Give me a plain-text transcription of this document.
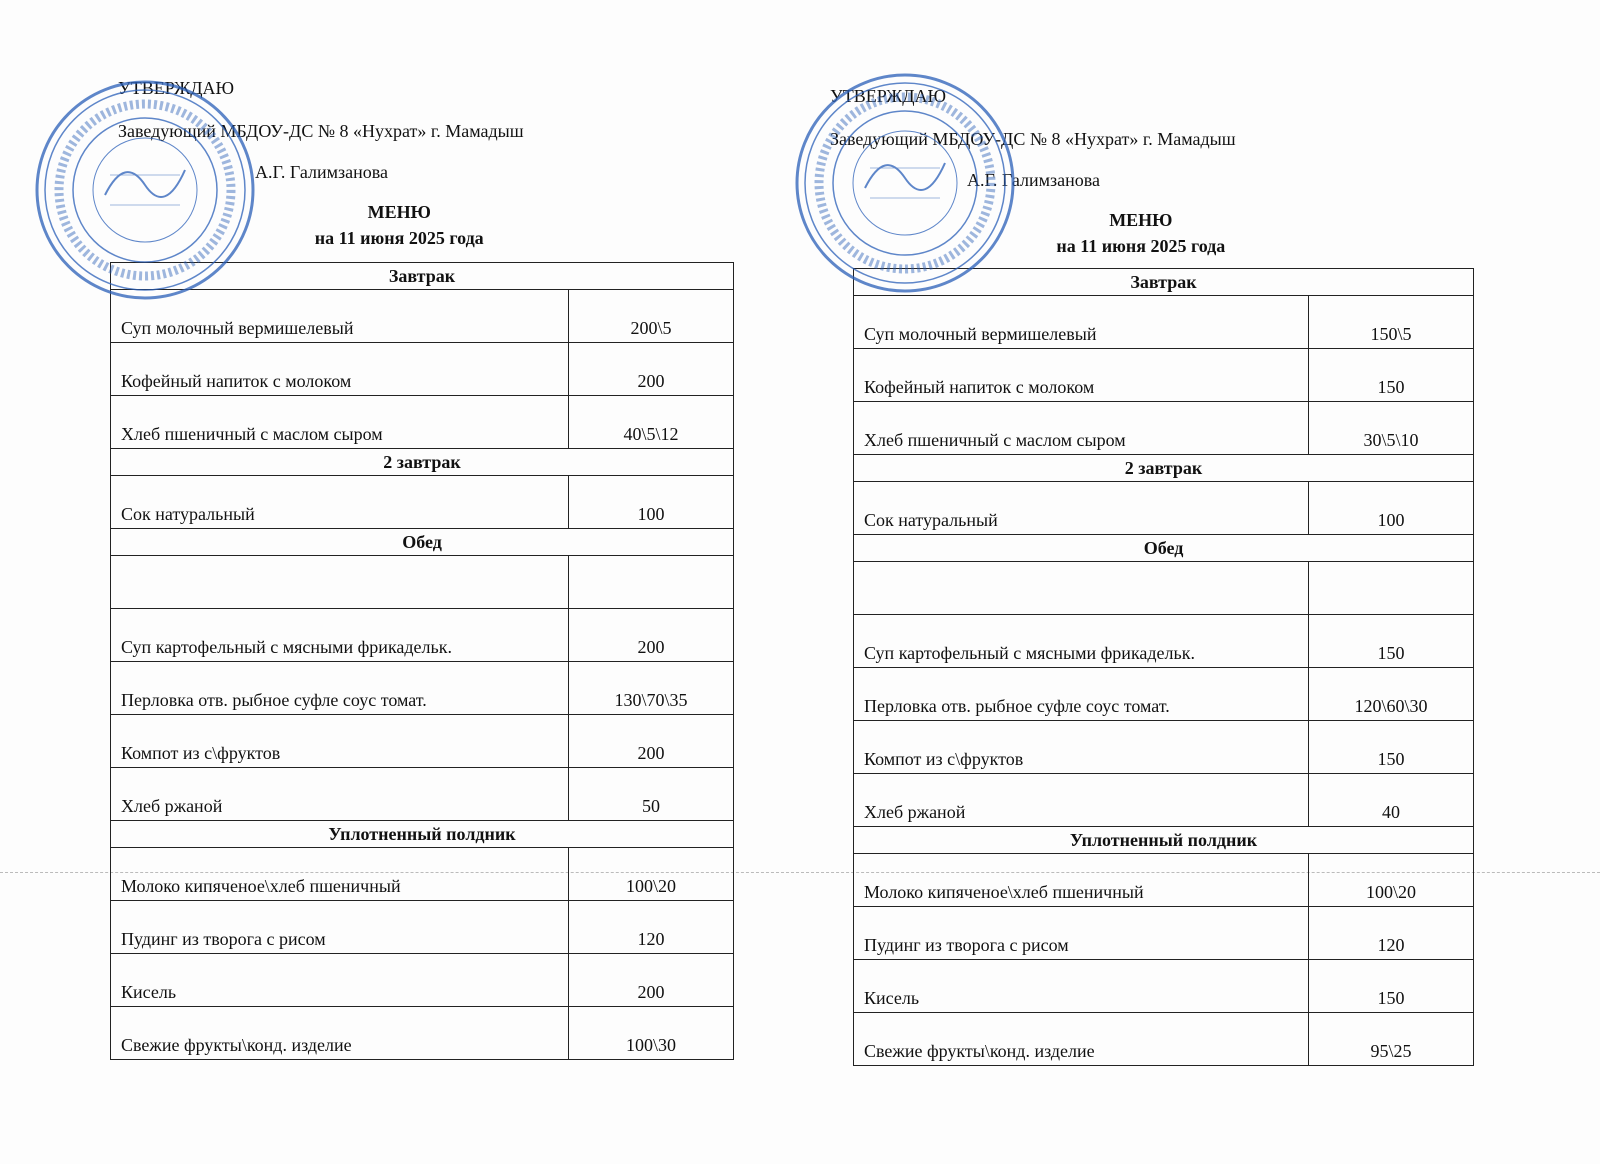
УТВЕРЖДАЮ
Заведующий МБДОУ-ДС № 8 «Нухрат» г. Мамадыш
А.Г. Галимзанова
МЕНЮ
на 11 июня 2025 года
Завтрак
Суп молочный вермишелевый	200\5
Кофейный напиток с молоком	200
Хлеб пшеничный с маслом сыром	40\5\12
2 завтрак
Сок натуральный	100
Обед
Суп картофельный с мясными фрикадельк.	200
Перловка отв. рыбное суфле соус томат.	130\70\35
Компот из с\фруктов	200
Хлеб ржаной	50
Уплотненный полдник
Молоко кипяченое\хлеб пшеничный	100\20
Пудинг из творога с рисом	120
Кисель	200
Свежие фрукты\конд. изделие	100\30
УТВЕРЖДАЮ
Заведующий МБДОУ-ДС № 8 «Нухрат» г. Мамадыш
А.Г. Галимзанова
МЕНЮ
на 11 июня 2025 года
Завтрак
Суп молочный вермишелевый	150\5
Кофейный напиток с молоком	150
Хлеб пшеничный с маслом сыром	30\5\10
2 завтрак
Сок натуральный	100
Обед
Суп картофельный с мясными фрикадельк.	150
Перловка отв. рыбное суфле соус томат.	120\60\30
Компот из с\фруктов	150
Хлеб ржаной	40
Уплотненный полдник
Молоко кипяченое\хлеб пшеничный	100\20
Пудинг из творога с рисом	120
Кисель	150
Свежие фрукты\конд. изделие	95\25
